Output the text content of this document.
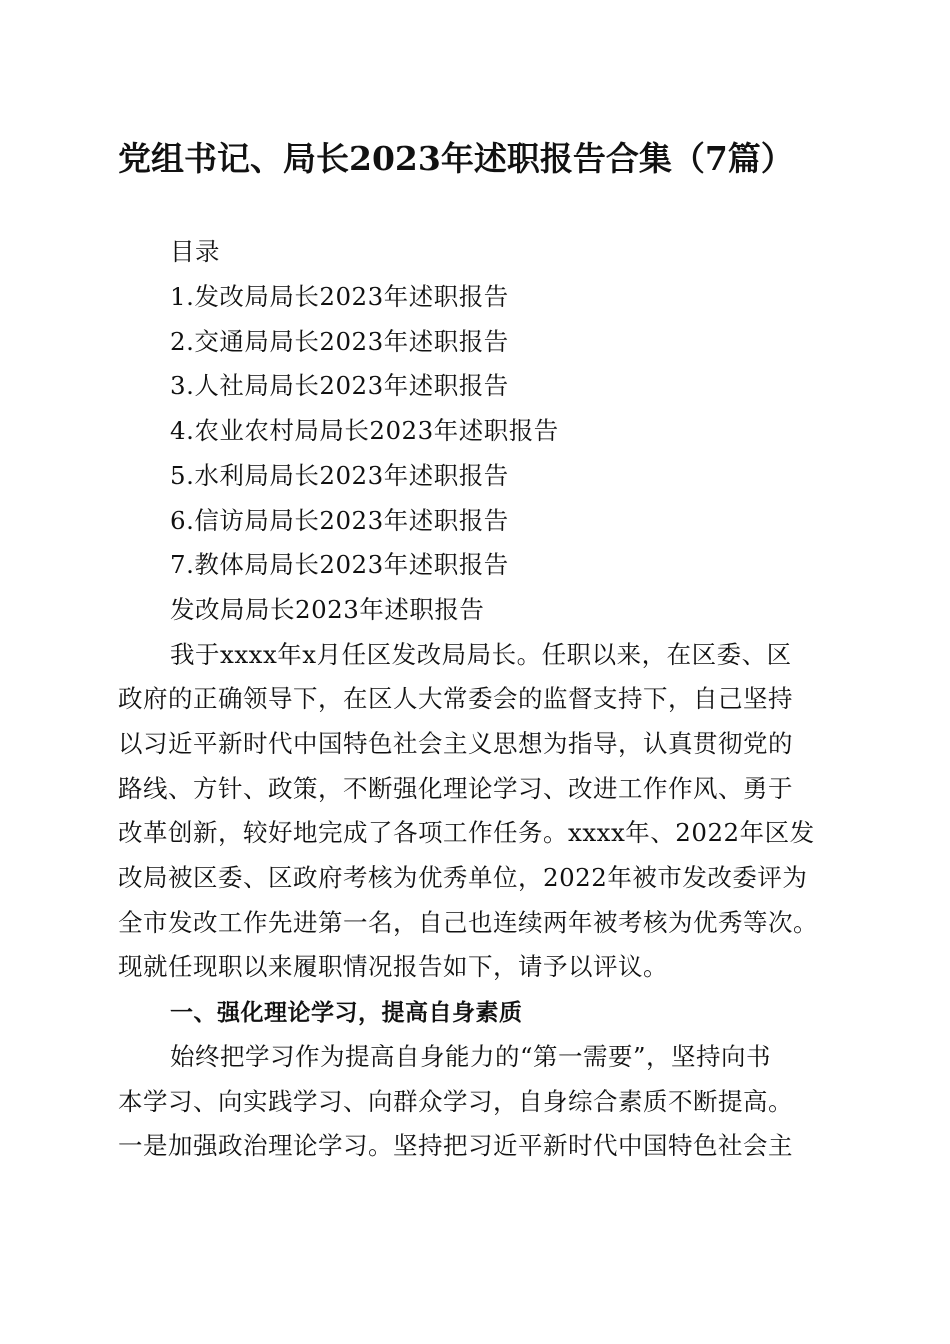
党组书记、局长2023年述职报告合集（7篇）
目录
1.发改局局长2023年述职报告
2.交通局局长2023年述职报告
3.人社局局长2023年述职报告
4.农业农村局局长2023年述职报告
5.水利局局长2023年述职报告
6.信访局局长2023年述职报告
7.教体局局长2023年述职报告
发改局局长2023年述职报告
我于xxxx年x月任区发改局局长。任职以来，在区委、区
政府的正确领导下，在区人大常委会的监督支持下，自己坚持
以习近平新时代中国特色社会主义思想为指导，认真贯彻党的
路线、方针、政策，不断强化理论学习、改进工作作风、勇于
改革创新，较好地完成了各项工作任务。xxxx年、2022年区发
改局被区委、区政府考核为优秀单位，2022年被市发改委评为
全市发改工作先进第一名，自己也连续两年被考核为优秀等次。
现就任现职以来履职情况报告如下，请予以评议。
一、强化理论学习，提高自身素质
始终把学习作为提高自身能力的“第一需要”，坚持向书
本学习、向实践学习、向群众学习，自身综合素质不断提高。
一是加强政治理论学习。坚持把习近平新时代中国特色社会主
